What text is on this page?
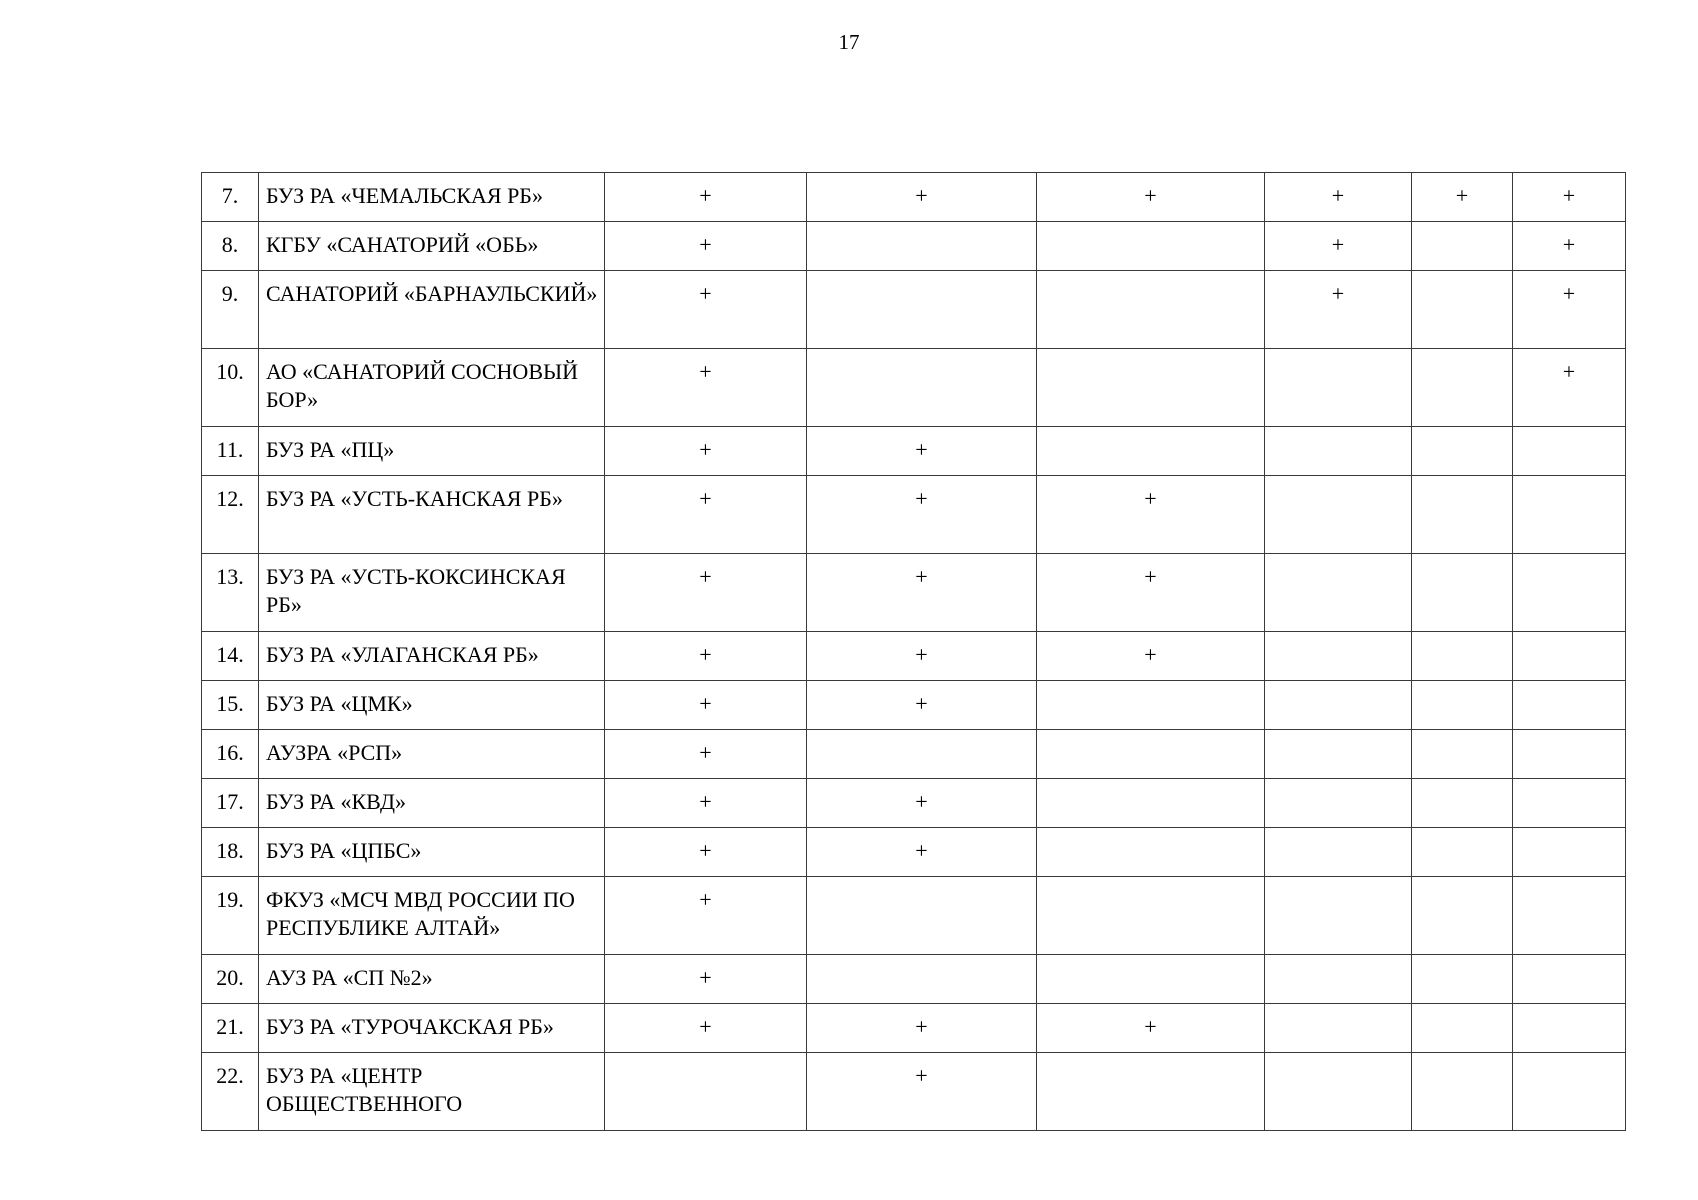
17
7.	БУЗ РА «ЧЕМАЛЬСКАЯ РБ»	+	+	+	+	+	+
8.	КГБУ «САНАТОРИЙ «ОБЬ»	+			+		+
9.	САНАТОРИЙ «БАРНАУЛЬСКИЙ»	+			+		+
10.	АО «САНАТОРИЙ СОСНОВЫЙ БОР»	+					+
11.	БУЗ РА «ПЦ»	+	+				
12.	БУЗ РА «УСТЬ-КАНСКАЯ РБ»	+	+	+			
13.	БУЗ РА «УСТЬ-КОКСИНСКАЯ РБ»	+	+	+			
14.	БУЗ РА «УЛАГАНСКАЯ РБ»	+	+	+			
15.	БУЗ РА «ЦМК»	+	+				
16.	АУЗРА «РСП»	+					
17.	БУЗ РА «КВД»	+	+				
18.	БУЗ РА «ЦПБС»	+	+				
19.	ФКУЗ «МСЧ МВД РОССИИ ПО РЕСПУБЛИКЕ АЛТАЙ»	+					
20.	АУЗ РА «СП №2»	+					
21.	БУЗ РА «ТУРОЧАКСКАЯ РБ»	+	+	+			
22.	БУЗ РА «ЦЕНТР ОБЩЕСТВЕННОГО		+				
